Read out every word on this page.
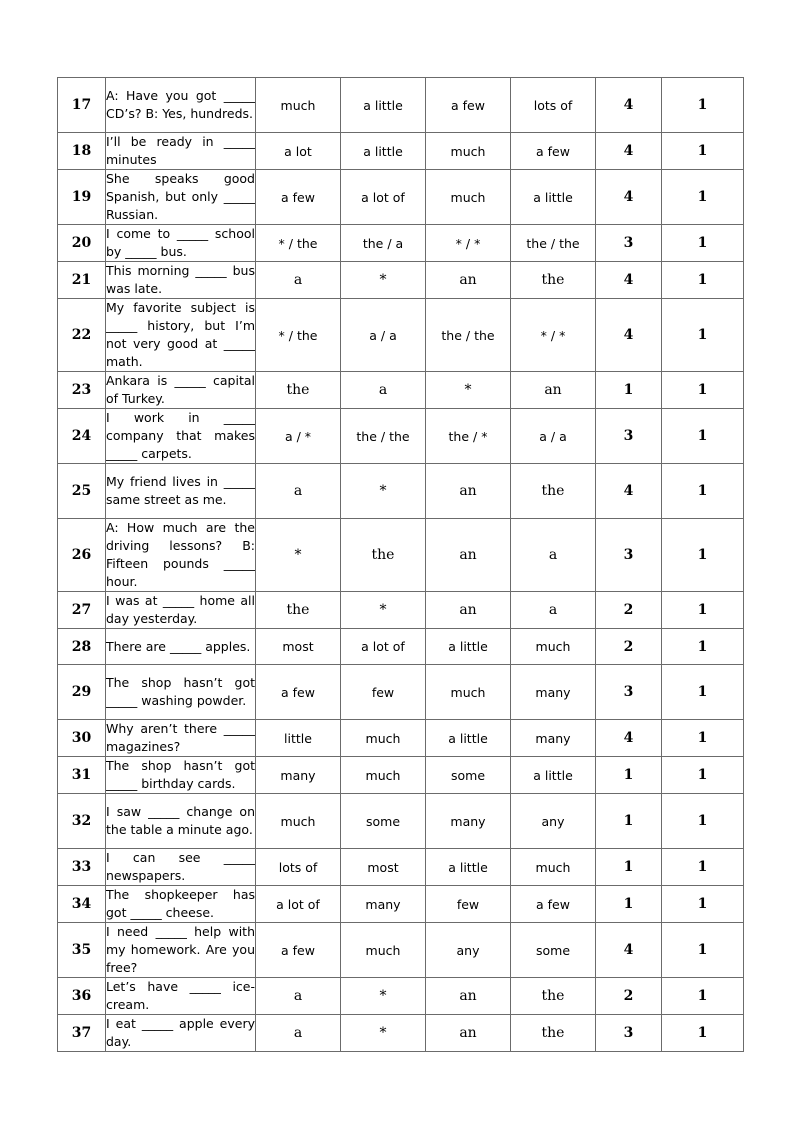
17	A: Have you got _____ CD’s? B: Yes, hundreds.	much	a little	a few	lots of	4	1
18	I’ll be ready in _____ minutes	a lot	a little	much	a few	4	1
19	She speaks good Spanish, but only _____ Russian.	a few	a lot of	much	a little	4	1
20	I come to _____ school by _____ bus.	* / the	the / a	* / *	the / the	3	1
21	This morning _____ bus was late.	a	*	an	the	4	1
22	My favorite subject is _____ history, but I’m not very good at _____ math.	* / the	a / a	the / the	* / *	4	1
23	Ankara is _____ capital of Turkey.	the	a	*	an	1	1
24	I work in _____ company that makes _____ carpets.	a / *	the / the	the / *	a / a	3	1
25	My friend lives in _____ same street as me.	a	*	an	the	4	1
26	A: How much are the driving lessons? B: Fifteen pounds _____ hour.	*	the	an	a	3	1
27	I was at _____ home all day yesterday.	the	*	an	a	2	1
28	There are _____ apples.	most	a lot of	a little	much	2	1
29	The shop hasn’t got _____ washing powder.	a few	few	much	many	3	1
30	Why aren’t there _____ magazines?	little	much	a little	many	4	1
31	The shop hasn’t got _____ birthday cards.	many	much	some	a little	1	1
32	I saw _____ change on the table a minute ago.	much	some	many	any	1	1
33	I can see _____ newspapers.	lots of	most	a little	much	1	1
34	The shopkeeper has got _____ cheese.	a lot of	many	few	a few	1	1
35	I need _____ help with my homework. Are you free?	a few	much	any	some	4	1
36	Let’s have _____ ice-cream.	a	*	an	the	2	1
37	I eat _____ apple every day.	a	*	an	the	3	1
